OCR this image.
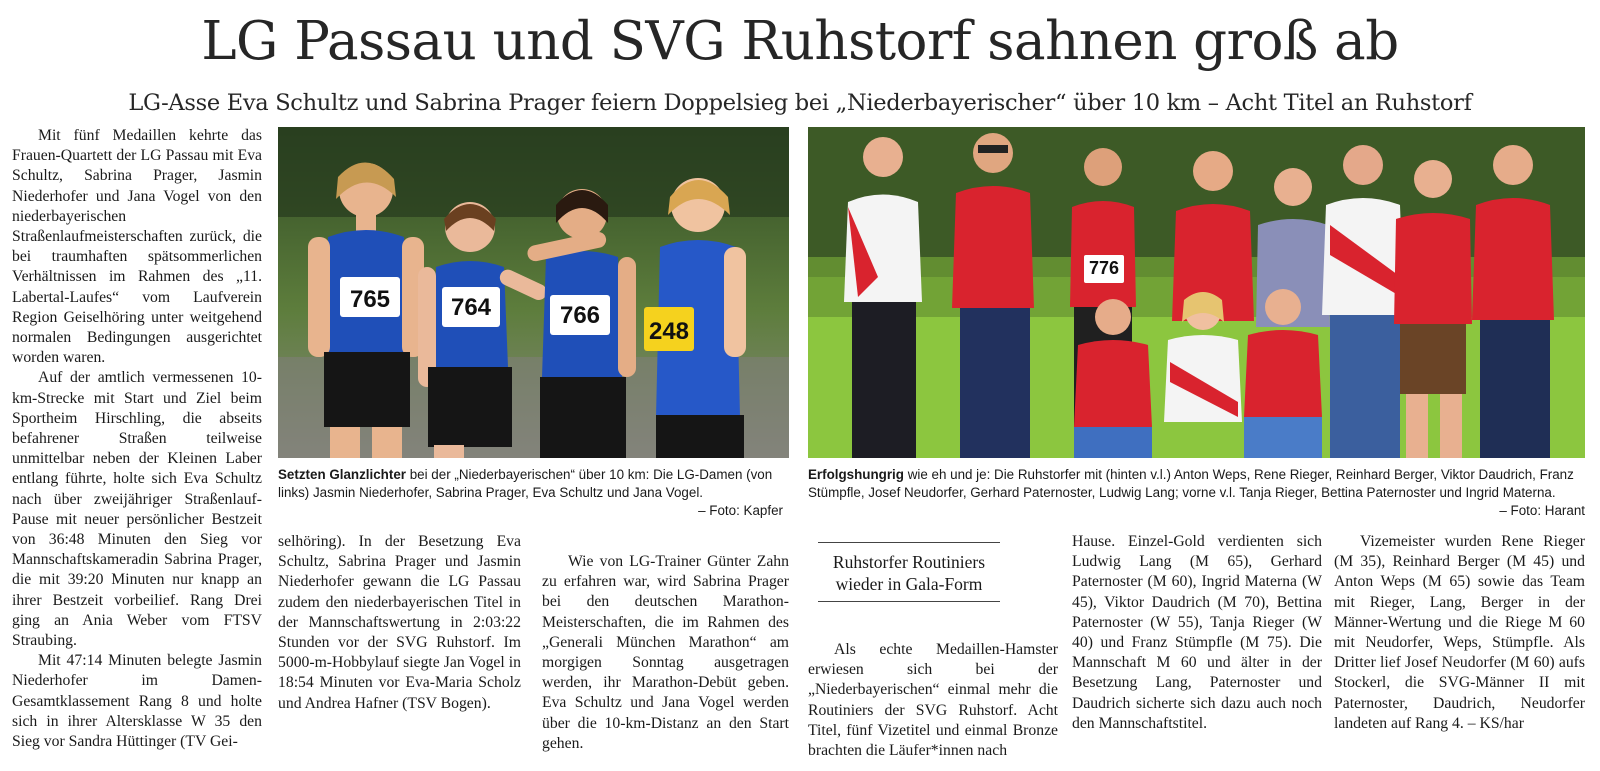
LG Passau und SVG Ruhstorf sahnen groß ab
LG-Asse Eva Schultz und Sabrina Prager feiern Doppelsieg bei „Niederbayerischer“ über 10 km – Acht Titel an Ruhstorf

Mit fünf Medaillen kehrte das Frauen-Quartett der LG Passau mit Eva Schultz, Sabrina Prager, Jasmin Niederhofer und Jana Vogel von den niederbayerischen Straßenlaufmeisterschaften zurück, die bei traumhaften spätsommerlichen Verhältnissen im Rahmen des „11. Labertal-Laufes“ vom Laufverein Region Geiselhöring unter weitgehend normalen Bedingungen ausgerichtet worden waren.

Auf der amtlich vermessenen 10-km-Strecke mit Start und Ziel beim Sportheim Hirschling, die abseits befahrener Straßen teilweise unmittelbar neben der Kleinen Laber entlang führte, holte sich Eva Schultz nach über zweijähriger Straßenlauf-Pause mit neuer persönlicher Bestzeit von 36:48 Minuten den Sieg vor Mannschaftskameradin Sabrina Prager, die mit 39:20 Minuten nur knapp an ihrer Bestzeit vorbeilief. Rang Drei ging an Ania Weber vom FTSV Straubing.

Mit 47:14 Minuten belegte Jasmin Niederhofer im Damen-Gesamtklassement Rang 8 und holte sich in ihrer Altersklasse W 35 den Sieg vor Sandra Hüttinger (TV Gei-

765	764	766
248
776
Setzten Glanzlichter bei der „Niederbayerischen“ über 10 km: Die LG-Damen (von links) Jasmin Niederhofer, Sabrina Prager, Eva Schultz und Jana Vogel.
– Foto: Kapfer
Erfolgshungrig wie eh und je: Die Ruhstorfer mit (hinten v.l.) Anton Weps, Rene Rieger, Reinhard Berger, Viktor Daudrich, Franz Stümpfle, Josef Neudorfer, Gerhard Paternoster, Ludwig Lang; vorne v.l. Tanja Rieger, Bettina Paternoster und Ingrid Materna.
– Foto: Harant

selhöring). In der Besetzung Eva Schultz, Sabrina Prager und Jasmin Niederhofer gewann die LG Passau zudem den niederbayerischen Titel in der Mannschaftswertung in 2:03:22 Stunden vor der SVG Ruhstorf. Im 5000-m-Hobbylauf siegte Jan Vogel in 18:54 Minuten vor Eva-Maria Scholz und Andrea Hafner (TSV Bogen).

Wie von LG-Trainer Günter Zahn zu erfahren war, wird Sabrina Prager bei den deutschen Marathon-Meisterschaften, die im Rahmen des „Generali München Marathon“ am morgigen Sonntag ausgetragen werden, ihr Marathon-Debüt geben. Eva Schultz und Jana Vogel werden über die 10-km-Distanz an den Start gehen.

Ruhstorfer Routiniers wieder in Gala-Form

Als echte Medaillen-Hamster erwiesen sich bei der „Niederbayerischen“ einmal mehr die Routiniers der SVG Ruhstorf. Acht Titel, fünf Vizetitel und einmal Bronze brachten die Läufer*innen nach

Hause. Einzel-Gold verdienten sich Ludwig Lang (M 65), Gerhard Paternoster (M 60), Ingrid Materna (W 45), Viktor Daudrich (M 70), Bettina Paternoster (W 55), Tanja Rieger (W 40) und Franz Stümpfle (M 75). Die Mannschaft M 60 und älter in der Besetzung Lang, Paternoster und Daudrich sicherte sich dazu auch noch den Mannschaftstitel.

Vizemeister wurden Rene Rieger (M 35), Reinhard Berger (M 45) und Anton Weps (M 65) sowie das Team mit Rieger, Lang, Berger in der Männer-Wertung und die Riege M 60 mit Neudorfer, Weps, Stümpfle. Als Dritter lief Josef Neudorfer (M 60) aufs Stockerl, die SVG-Männer II mit Paternoster, Daudrich, Neudorfer landeten auf Rang 4. – KS/har
